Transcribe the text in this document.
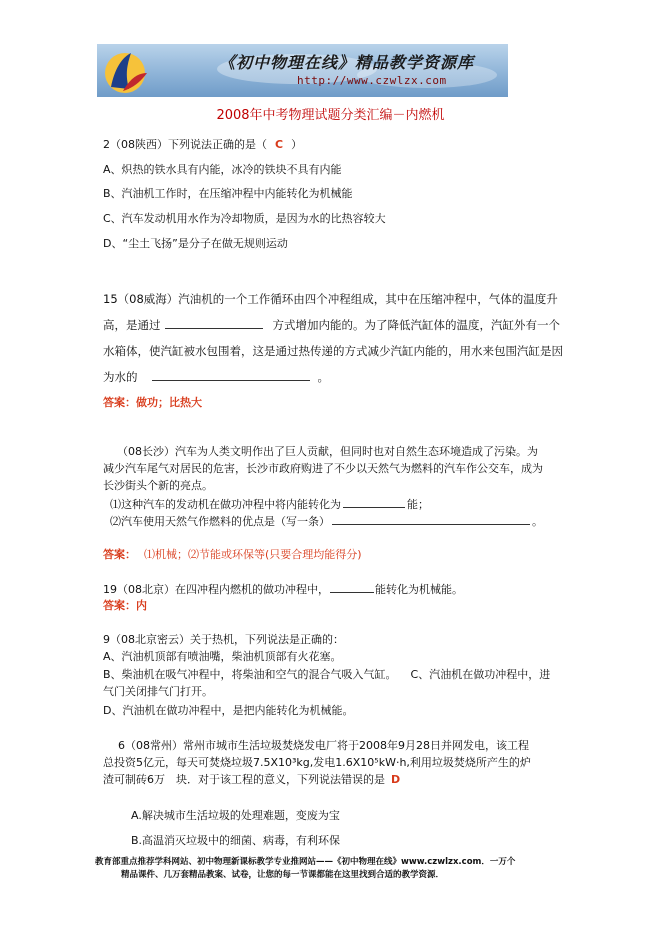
《初中物理在线》精品教学资源库
http://www.czwlzx.com
2008年中考物理试题分类汇编－内燃机
2（08陕西）下列说法正确的是（ C ）
A、炽热的铁水具有内能，冰冷的铁块不具有内能
B、汽油机工作时，在压缩冲程中内能转化为机械能
C、汽车发动机用水作为冷却物质，是因为水的比热容较大
D、“尘土飞扬”是分子在做无规则运动
15（08威海）汽油机的一个工作循环由四个冲程组成，其中在压缩冲程中，气体的温度升
高，是通过	方式增加内能的。为了降低汽缸体的温度，汽缸外有一个
水箱体，使汽缸被水包围着，这是通过热传递的方式减少汽缸内能的，用水来包围汽缸是因
为水的	。
答案：做功；比热大
（08长沙）汽车为人类文明作出了巨人贡献，但同时也对自然生态环境造成了污染。为
减少汽车尾气对居民的危害，长沙市政府购进了不少以天然气为燃料的汽车作公交车，成为
长沙街头个新的亮点。
⑴这种汽车的发动机在做功冲程中将内能转化为	能；
⑵汽车使用天然气作燃料的优点是（写一条）	。
答案： ⑴机械；⑵节能或环保等(只要合理均能得分)
19（08北京）在四冲程内燃机的做功冲程中，	能转化为机械能。
答案：内
9（08北京密云）关于热机，下列说法是正确的：
A、汽油机顶部有喷油嘴，柴油机顶部有火花塞。
B、柴油机在吸气冲程中，将柴油和空气的混合气吸入气缸。 C、汽油机在做功冲程中，进
气门关闭排气门打开。
D、汽油机在做功冲程中，是把内能转化为机械能。
6（08常州）常州市城市生活垃圾焚烧发电厂将于2008年9月28日并网发电，该工程
总投资5亿元，每天可焚烧垃圾7.5X10³kg,发电1.6X10⁵kW·h,利用垃圾焚烧所产生的炉
渣可制砖6万　块．对于该工程的意义，下列说法错误的是 D
A.解决城市生活垃圾的处理难题，变废为宝
B.高温消灭垃圾中的细菌、病毒，有利环保
教育部重点推荐学科网站、初中物理新课标教学专业推网站——《初中物理在线》www.czwlzx.com．一万个
精品课件、几万套精品教案、试卷，让您的每一节课都能在这里找到合适的教学资源．
